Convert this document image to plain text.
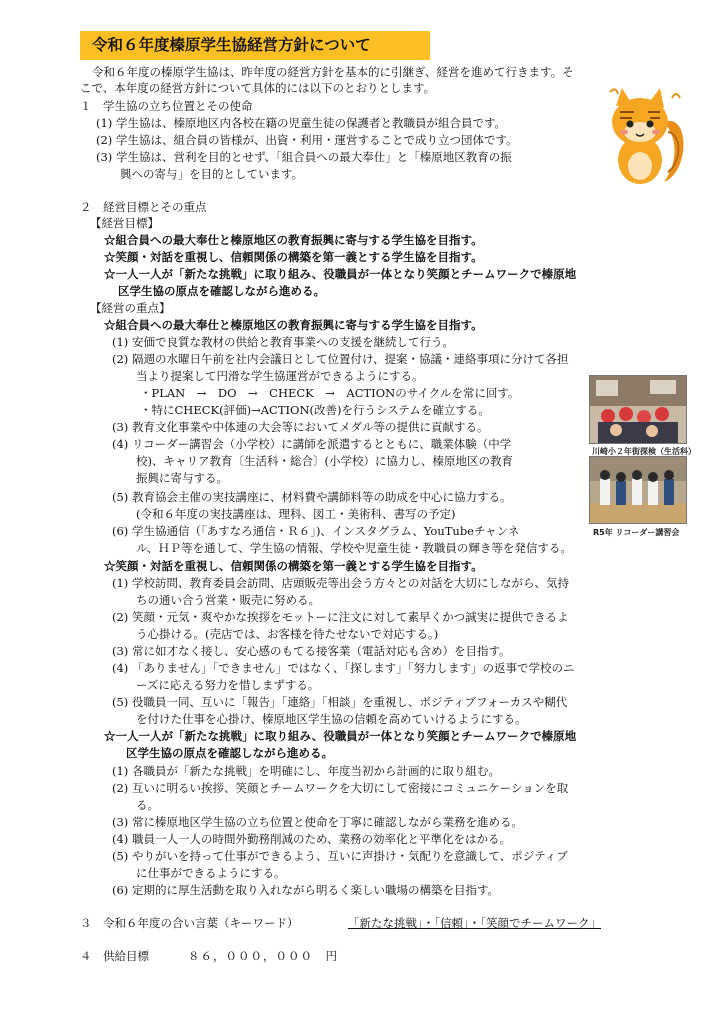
令和６年度榛原学生協経営方針について
令和６年度の榛原学生協は、昨年度の経営方針を基本的に引継ぎ、経営を進めて行きます。そ
こで、本年度の経営方針について具体的には以下のとおりとします。
１　学生協の立ち位置とその使命
(1) 学生協は、榛原地区内各校在籍の児童生徒の保護者と教職員が組合員です。
(2) 学生協は、組合員の皆様が、出資・利用・運営することで成り立つ団体です。
(3) 学生協は、営利を目的とせず、「組合員への最大奉仕」と「榛原地区教育の振
興への寄与」を目的としています。
２　経営目標とその重点
【経営目標】
☆組合員への最大奉仕と榛原地区の教育振興に寄与する学生協を目指す。
☆笑顔・対話を重視し、信頼関係の構築を第一義とする学生協を目指す。
☆一人一人が「新たな挑戦」に取り組み、役職員が一体となり笑顔とチームワークで榛原地
区学生協の原点を確認しながら進める。
【経営の重点】
☆組合員への最大奉仕と榛原地区の教育振興に寄与する学生協を目指す。
(1) 安価で良質な教材の供給と教育事業への支援を継続して行う。
(2) 隔週の水曜日午前を社内会議日として位置付け、提案・協議・連絡事項に分けて各担
当より提案して円滑な学生協運営ができるようにする。
・PLAN　→　DO　→　CHECK　→　ACTIONのサイクルを常に回す。
・特にCHECK(評価)→ACTION(改善)を行うシステムを確立する。
(3) 教育文化事業や中体連の大会等においてメダル等の提供に貢献する。
(4) リコーダー講習会（小学校）に講師を派遣するとともに、職業体験（中学
校)、キャリア教育〔生活科・総合〕(小学校）に協力し、榛原地区の教育
振興に寄与する。
(5) 教育協会主催の実技講座に、材料費や講師料等の助成を中心に協力する。
(令和６年度の実技講座は、理科、図工・美術科、書写の予定)
(6) 学生協通信（「あすなろ通信・Ｒ６」)、インスタグラム、YouTubeチャンネ
ル、ＨＰ等を通して、学生協の情報、学校や児童生徒・教職員の輝き等を発信する。
川崎小２年街探検（生活科）
R5年 リコーダー講習会
☆笑顔・対話を重視し、信頼関係の構築を第一義とする学生協を目指す。
(1) 学校訪問、教育委員会訪問、店頭販売等出会う方々との対話を大切にしながら、気持
ちの通い合う営業・販売に努める。
(2) 笑顔・元気・爽やかな挨拶をモットーに注文に対して素早くかつ誠実に提供できるよ
う心掛ける。(売店では、お客様を待たせないで対応する。)
(3) 常に如才なく接し、安心感のもてる接客業（電話対応も含め）を目指す。
(4) 「ありません」「できません」ではなく、「探します」「努力します」の返事で学校のニ
ーズに応える努力を惜しまずする。
(5) 役職員一同、互いに「報告」「連絡」「相談」を重視し、ポジティブフォーカスや糊代
を付けた仕事を心掛け、榛原地区学生協の信頼を高めていけるようにする。
☆一人一人が「新たな挑戦」に取り組み、役職員が一体となり笑顔とチームワークで榛原地
区学生協の原点を確認しながら進める。
(1) 各職員が「新たな挑戦」を明確にし、年度当初から計画的に取り組む。
(2) 互いに明るい挨拶、笑顔とチームワークを大切にして密接にコミュニケーションを取
る。
(3) 常に榛原地区学生協の立ち位置と使命を丁寧に確認しながら業務を進める。
(4) 職員一人一人の時間外勤務削減のため、業務の効率化と平準化をはかる。
(5) やりがいを持って仕事ができるよう、互いに声掛け・気配りを意識して、ポジティブ
に仕事ができるようにする。
(6) 定期的に厚生活動を取り入れながら明るく楽しい職場の構築を目指す。
３　令和６年度の合い言葉（キーワード）	「新たな挑戦」・「信頼」・「笑顔でチームワーク」
４　供給目標	８６，０００，０００　円
